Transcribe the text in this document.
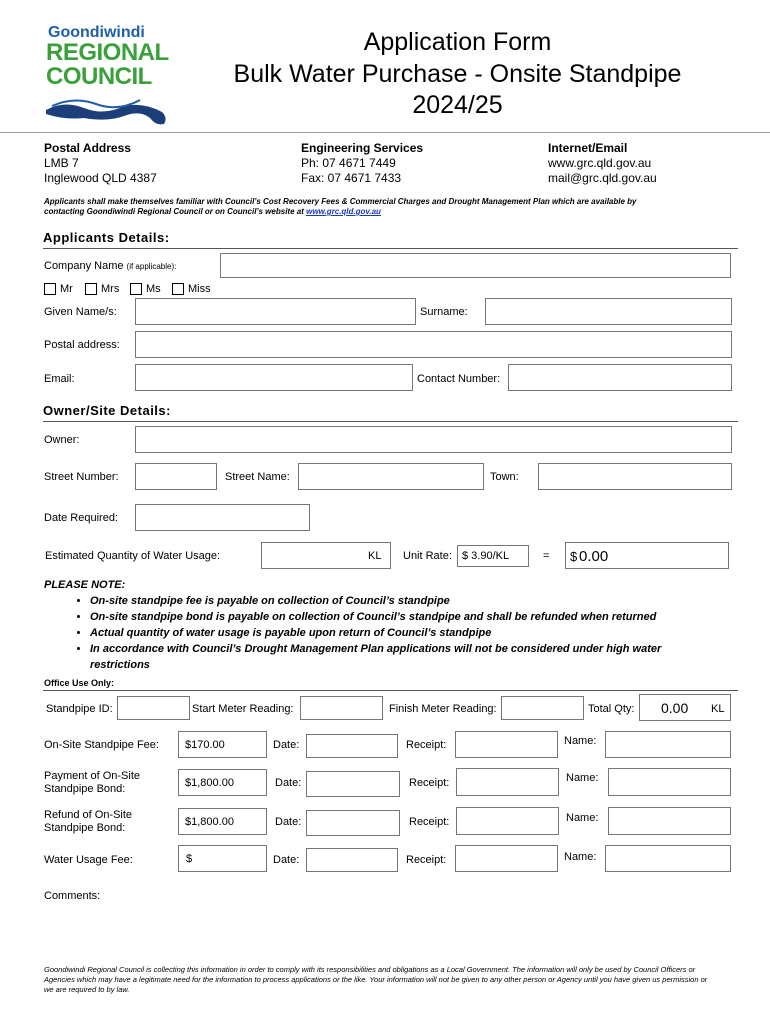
Goondiwindi
REGIONAL
COUNCIL
Application Form
Bulk Water Purchase - Onsite Standpipe
2024/25
Postal Address
LMB 7
Inglewood QLD 4387
Engineering Services
Ph: 07 4671 7449
Fax: 07 4671 7433
Internet/Email
www.grc.qld.gov.au
mail@grc.qld.gov.au
Applicants shall make themselves familiar with Council’s Cost Recovery Fees & Commercial Charges and Drought Management Plan which are available by
contacting Goondiwindi Regional Council or on Council’s website at www.grc.qld.gov.au
Applicants Details:
Company Name (if applicable):
Mr	Mrs Ms Miss
Given Name/s:	Surname:
Postal address:
Email:	Contact Number:
Owner/Site Details:
Owner:
Street Number:	Street Name:	Town:
Date Required:
Estimated Quantity of Water Usage:	KL Unit Rate: $ 3.90/KL	= $ 0.00
PLEASE NOTE:
• On-site standpipe fee is payable on collection of Council’s standpipe
• On-site standpipe bond is payable on collection of Council’s standpipe and shall be refunded when returned
• Actual quantity of water usage is payable upon return of Council’s standpipe
• In accordance with Council’s Drought Management Plan applications will not be considered under high water restrictions
Office Use Only:
Standpipe ID:	Start Meter Reading:	Finish Meter Reading:	Total Qty: 0.00 KL
On-Site Standpipe Fee: $170.00	Date:	Receipt:	Name:
Payment of On-Site
Standpipe Bond:	$1,800.00	Date:	Receipt:	Name:
Refund of On-Site
Standpipe Bond:	$1,800.00	Date:	Receipt:	Name:
Water Usage Fee:	$	Date:	Receipt:	Name:
Comments:
Goondiwindi Regional Council is collecting this information in order to comply with its responsibilities and obligations as a Local Government. The information will only be used by Council Officers or
Agencies which may have a legitimate need for the information to process applications or the like. Your information will not be given to any other person or Agency until you have given us permission or
we are required to by law.
